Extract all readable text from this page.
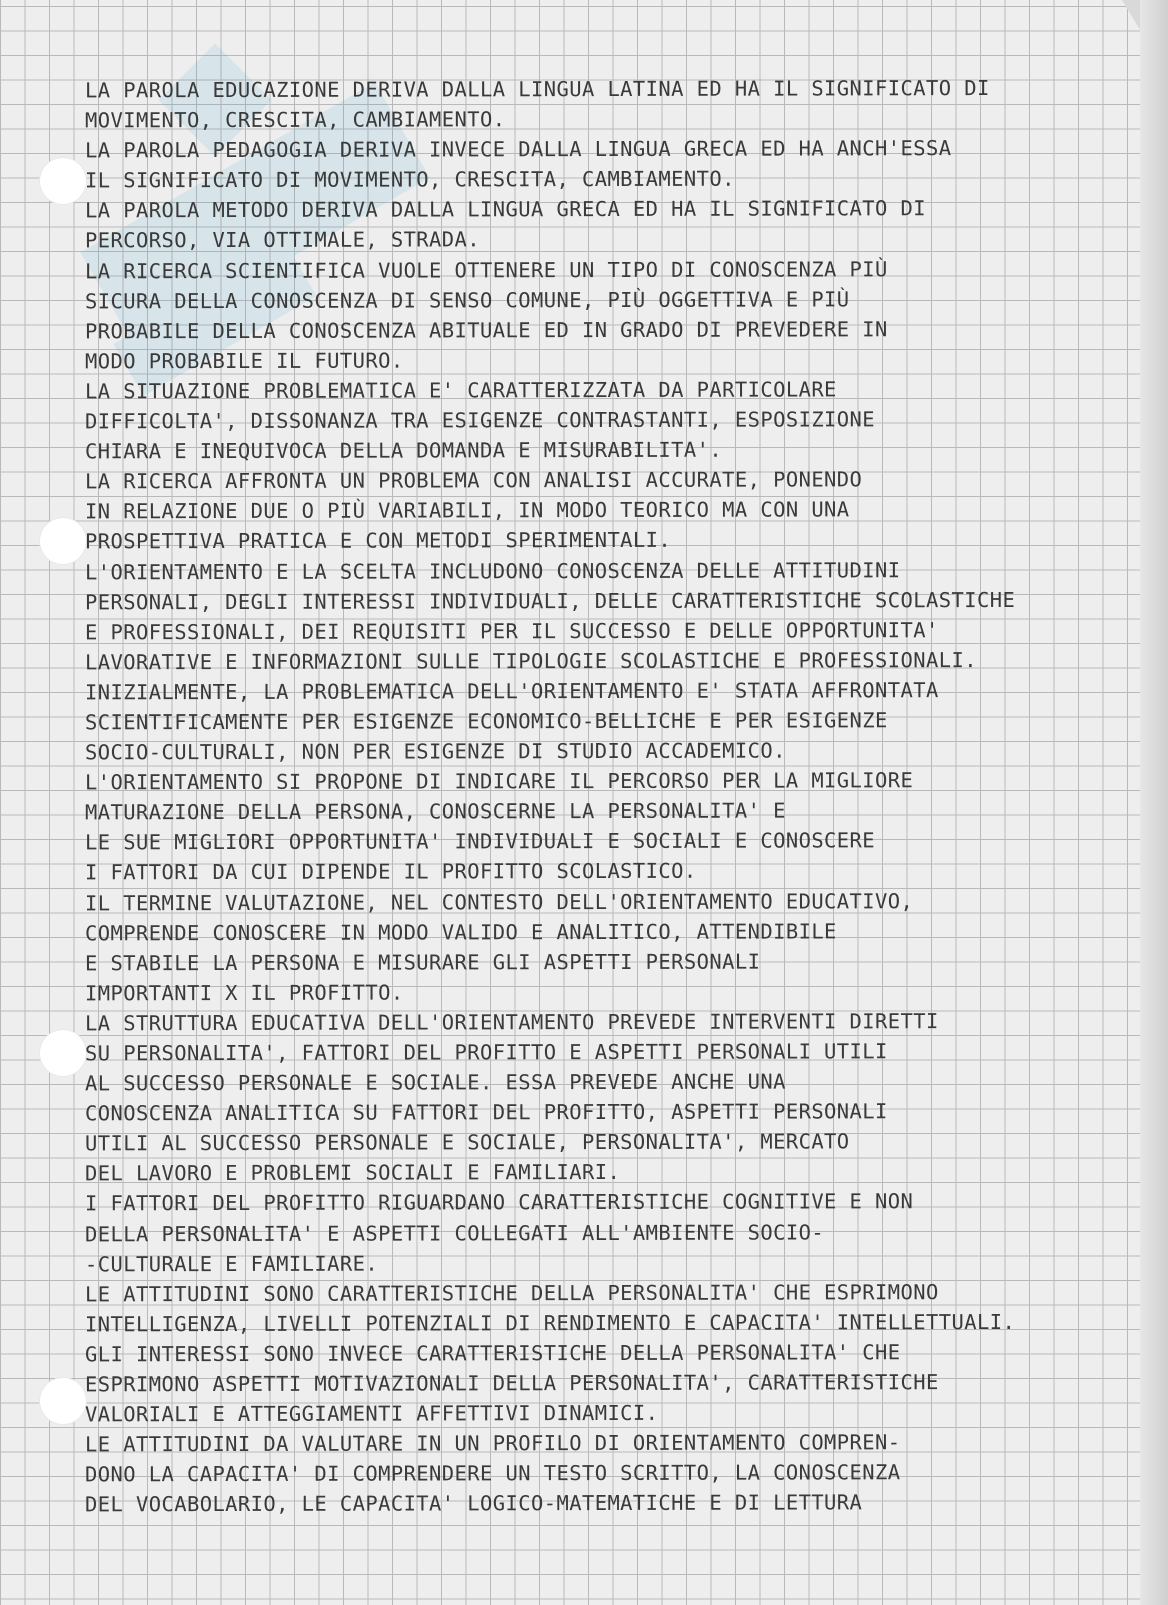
LA PAROLA EDUCAZIONE DERIVA DALLA LINGUA LATINA ED HA IL SIGNIFICATO DI
MOVIMENTO, CRESCITA, CAMBIAMENTO.
LA PAROLA PEDAGOGIA DERIVA INVECE DALLA LINGUA GRECA ED HA ANCH'ESSA
IL SIGNIFICATO DI MOVIMENTO, CRESCITA, CAMBIAMENTO.
LA PAROLA METODO DERIVA DALLA LINGUA GRECA ED HA IL SIGNIFICATO DI
PERCORSO, VIA OTTIMALE, STRADA.
LA RICERCA SCIENTIFICA VUOLE OTTENERE UN TIPO DI CONOSCENZA PIÙ
SICURA DELLA CONOSCENZA DI SENSO COMUNE, PIÙ OGGETTIVA E PIÙ
PROBABILE DELLA CONOSCENZA ABITUALE ED IN GRADO DI PREVEDERE IN
MODO PROBABILE IL FUTURO.
LA SITUAZIONE PROBLEMATICA E' CARATTERIZZATA DA PARTICOLARE
DIFFICOLTA', DISSONANZA TRA ESIGENZE CONTRASTANTI, ESPOSIZIONE
CHIARA E INEQUIVOCA DELLA DOMANDA E MISURABILITA'.
LA RICERCA AFFRONTA UN PROBLEMA CON ANALISI ACCURATE, PONENDO
IN RELAZIONE DUE O PIÙ VARIABILI, IN MODO TEORICO MA CON UNA
PROSPETTIVA PRATICA E CON METODI SPERIMENTALI.
L'ORIENTAMENTO E LA SCELTA INCLUDONO CONOSCENZA DELLE ATTITUDINI
PERSONALI, DEGLI INTERESSI INDIVIDUALI, DELLE CARATTERISTICHE SCOLASTICHE
E PROFESSIONALI, DEI REQUISITI PER IL SUCCESSO E DELLE OPPORTUNITA'
LAVORATIVE E INFORMAZIONI SULLE TIPOLOGIE SCOLASTICHE E PROFESSIONALI.
INIZIALMENTE, LA PROBLEMATICA DELL'ORIENTAMENTO E' STATA AFFRONTATA
SCIENTIFICAMENTE PER ESIGENZE ECONOMICO-BELLICHE E PER ESIGENZE
SOCIO-CULTURALI, NON PER ESIGENZE DI STUDIO ACCADEMICO.
L'ORIENTAMENTO SI PROPONE DI INDICARE IL PERCORSO PER LA MIGLIORE
MATURAZIONE DELLA PERSONA, CONOSCERNE LA PERSONALITA' E
LE SUE MIGLIORI OPPORTUNITA' INDIVIDUALI E SOCIALI E CONOSCERE
I FATTORI DA CUI DIPENDE IL PROFITTO SCOLASTICO.
IL TERMINE VALUTAZIONE, NEL CONTESTO DELL'ORIENTAMENTO EDUCATIVO,
COMPRENDE CONOSCERE IN MODO VALIDO E ANALITICO, ATTENDIBILE
E STABILE LA PERSONA E MISURARE GLI ASPETTI PERSONALI
IMPORTANTI X IL PROFITTO.
LA STRUTTURA EDUCATIVA DELL'ORIENTAMENTO PREVEDE INTERVENTI DIRETTI
SU PERSONALITA', FATTORI DEL PROFITTO E ASPETTI PERSONALI UTILI
AL SUCCESSO PERSONALE E SOCIALE. ESSA PREVEDE ANCHE UNA
CONOSCENZA ANALITICA SU FATTORI DEL PROFITTO, ASPETTI PERSONALI
UTILI AL SUCCESSO PERSONALE E SOCIALE, PERSONALITA', MERCATO
DEL LAVORO E PROBLEMI SOCIALI E FAMILIARI.
I FATTORI DEL PROFITTO RIGUARDANO CARATTERISTICHE COGNITIVE E NON
DELLA PERSONALITA' E ASPETTI COLLEGATI ALL'AMBIENTE SOCIO-
-CULTURALE E FAMILIARE.
LE ATTITUDINI SONO CARATTERISTICHE DELLA PERSONALITA' CHE ESPRIMONO
INTELLIGENZA, LIVELLI POTENZIALI DI RENDIMENTO E CAPACITA' INTELLETTUALI.
GLI INTERESSI SONO INVECE CARATTERISTICHE DELLA PERSONALITA' CHE
ESPRIMONO ASPETTI MOTIVAZIONALI DELLA PERSONALITA', CARATTERISTICHE
VALORIALI E ATTEGGIAMENTI AFFETTIVI DINAMICI.
LE ATTITUDINI DA VALUTARE IN UN PROFILO DI ORIENTAMENTO COMPREN-
DONO LA CAPACITA' DI COMPRENDERE UN TESTO SCRITTO, LA CONOSCENZA
DEL VOCABOLARIO, LE CAPACITA' LOGICO-MATEMATICHE E DI LETTURA
